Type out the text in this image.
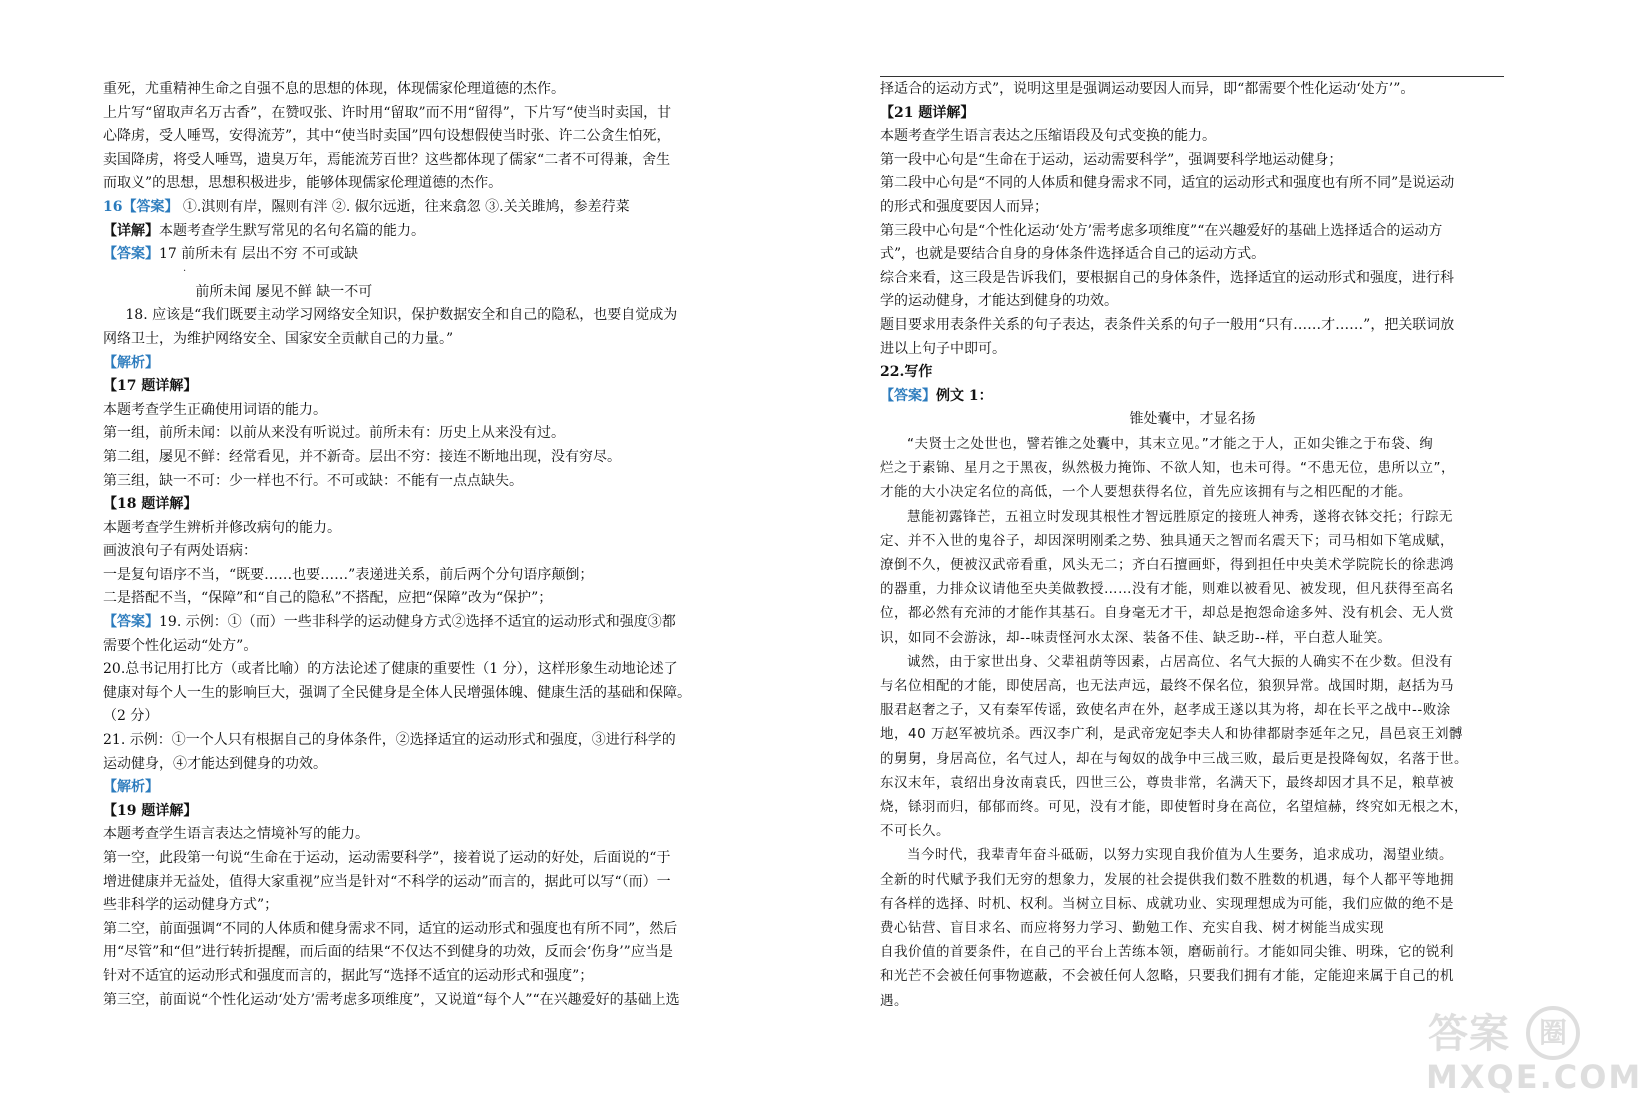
重死，尤重精神生命之自强不息的思想的体现，体现儒家伦理道德的杰作。

上片写“留取声名万古香”，在赞叹张、许时用“留取”而不用“留得”，下片写“使当时卖国，甘

心降虏，受人唾骂，安得流芳”，其中“使当时卖国”四句设想假使当时张、许二公贪生怕死，

卖国降虏，将受人唾骂，遗臭万年，焉能流芳百世？这些都体现了儒家“二者不可得兼，舍生

而取义”的思想，思想积极进步，能够体现儒家伦理道德的杰作。

16【答案】 ①.淇则有岸，隰则有泮 ②. 俶尔远逝，往来翕忽 ③.关关雎鸠，参差荇菜

【详解】本题考查学生默写常见的名句名篇的能力。

【答案】17 前所未有 层出不穷 不可或缺

前所未闻 屡见不鲜 缺一不可

18. 应该是“我们既要主动学习网络安全知识，保护数据安全和自己的隐私，也要自觉成为

网络卫士，为维护网络安全、国家安全贡献自己的力量。”

【解析】

【17 题详解】

本题考查学生正确使用词语的能力。

第一组，前所未闻：以前从来没有听说过。前所未有：历史上从来没有过。

第二组，屡见不鲜：经常看见，并不新奇。层出不穷：接连不断地出现，没有穷尽。

第三组，缺一不可：少一样也不行。不可或缺：不能有一点点缺失。

【18 题详解】

本题考查学生辨析并修改病句的能力。

画波浪句子有两处语病：

一是复句语序不当，“既要……也要……”表递进关系，前后两个分句语序颠倒；

二是搭配不当，“保障”和“自己的隐私”不搭配，应把“保障”改为“保护”；

【答案】19. 示例：①（而）一些非科学的运动健身方式②选择不适宜的运动形式和强度③都

需要个性化运动“处方”。

20.总书记用打比方（或者比喻）的方法论述了健康的重要性（1 分），这样形象生动地论述了

健康对每个人一生的影响巨大，强调了全民健身是全体人民增强体魄、健康生活的基础和保障。

（2 分）

21. 示例：①一个人只有根据自己的身体条件，②选择适宜的运动形式和强度，③进行科学的

运动健身，④才能达到健身的功效。

【解析】

【19 题详解】

本题考查学生语言表达之情境补写的能力。

第一空，此段第一句说“生命在于运动，运动需要科学”，接着说了运动的好处，后面说的“于

增进健康并无益处，值得大家重视”应当是针对“不科学的运动”而言的，据此可以写“（而）一

些非科学的运动健身方式”；

第二空，前面强调“不同的人体质和健身需求不同，适宜的运动形式和强度也有所不同”，然后

用“尽管”和“但”进行转折提醒，而后面的结果“不仅达不到健身的功效，反而会‘伤身’”应当是

针对不适宜的运动形式和强度而言的，据此写“选择不适宜的运动形式和强度”；

第三空，前面说“个性化运动‘处方’需考虑多项维度”，又说道“每个人”“在兴趣爱好的基础上选

·

择适合的运动方式”，说明这里是强调运动要因人而异，即“都需要个性化运动‘处方’”。

【21 题详解】

本题考查学生语言表达之压缩语段及句式变换的能力。

第一段中心句是“生命在于运动，运动需要科学”，强调要科学地运动健身；

第二段中心句是“不同的人体质和健身需求不同，适宜的运动形式和强度也有所不同”是说运动

的形式和强度要因人而异；

第三段中心句是“个性化运动‘处方’需考虑多项维度”“在兴趣爱好的基础上选择适合的运动方

式”，也就是要结合自身的身体条件选择适合自己的运动方式。

综合来看，这三段是告诉我们，要根据自己的身体条件，选择适宜的运动形式和强度，进行科

学的运动健身，才能达到健身的功效。

题目要求用表条件关系的句子表达，表条件关系的句子一般用“只有……才……”，把关联词放

进以上句子中即可。

22.写作

【答案】例文 1：

锥处囊中，才显名扬

“夫贤士之处世也，譬若锥之处囊中，其末立见。”才能之于人，正如尖锥之于布袋、绚

烂之于素锦、星月之于黑夜，纵然极力掩饰、不欲人知，也未可得。“不患无位，患所以立”，

才能的大小决定名位的高低，一个人要想获得名位，首先应该拥有与之相匹配的才能。

慧能初露锋芒，五祖立时发现其根性才智远胜原定的接班人神秀，遂将衣钵交托；行踪无

定、并不入世的鬼谷子，却因深明刚柔之势、独具通天之智而名震天下；司马相如下笔成赋，

潦倒不久，便被汉武帝看重，风头无二；齐白石擅画虾，得到担任中央美术学院院长的徐悲鸿

的器重，力排众议请他至央美做教授……没有才能，则难以被看见、被发现，但凡获得至高名

位，都必然有充沛的才能作其基石。自身毫无才干，却总是抱怨命途多舛、没有机会、无人赏

识，如同不会游泳，却--味责怪河水太深、装备不佳、缺乏助--样，平白惹人耻笑。

诚然，由于家世出身、父辈祖荫等因素，占居高位、名气大振的人确实不在少数。但没有

与名位相配的才能，即使居高，也无法声远，最终不保名位，狼狈异常。战国时期，赵括为马

服君赵奢之子，又有秦军传谣，致使名声在外，赵孝成王遂以其为将，却在长平之战中--败涂

地，40 万赵军被坑杀。西汉李广利，是武帝宠妃李夫人和协律都尉李延年之兄，昌邑哀王刘髆

的舅舅，身居高位，名气过人，却在与匈奴的战争中三战三败，最后更是投降匈奴，名落于世。

东汉末年，袁绍出身汝南袁氏，四世三公，尊贵非常，名满天下，最终却因才具不足，粮草被

烧，铩羽而归，郁郁而终。可见，没有才能，即使暂时身在高位，名望煊赫，终究如无根之木，

不可长久。

当今时代，我辈青年奋斗砥砺，以努力实现自我价值为人生要务，追求成功，渴望业绩。

全新的时代赋予我们无穷的想象力，发展的社会提供我们数不胜数的机遇，每个人都平等地拥

有各样的选择、时机、权利。当树立目标、成就功业、实现理想成为可能，我们应做的绝不是

费心钻营、盲目求名、而应将努力学习、勤勉工作、充实自我、树才树能当成实现

自我价值的首要条件，在自己的平台上苦练本领，磨砺前行。才能如同尖锥、明珠，它的锐利

和光芒不会被任何事物遮蔽，不会被任何人忽略，只要我们拥有才能，定能迎来属于自己的机

遇。

答案	圈
MXQE.COM
